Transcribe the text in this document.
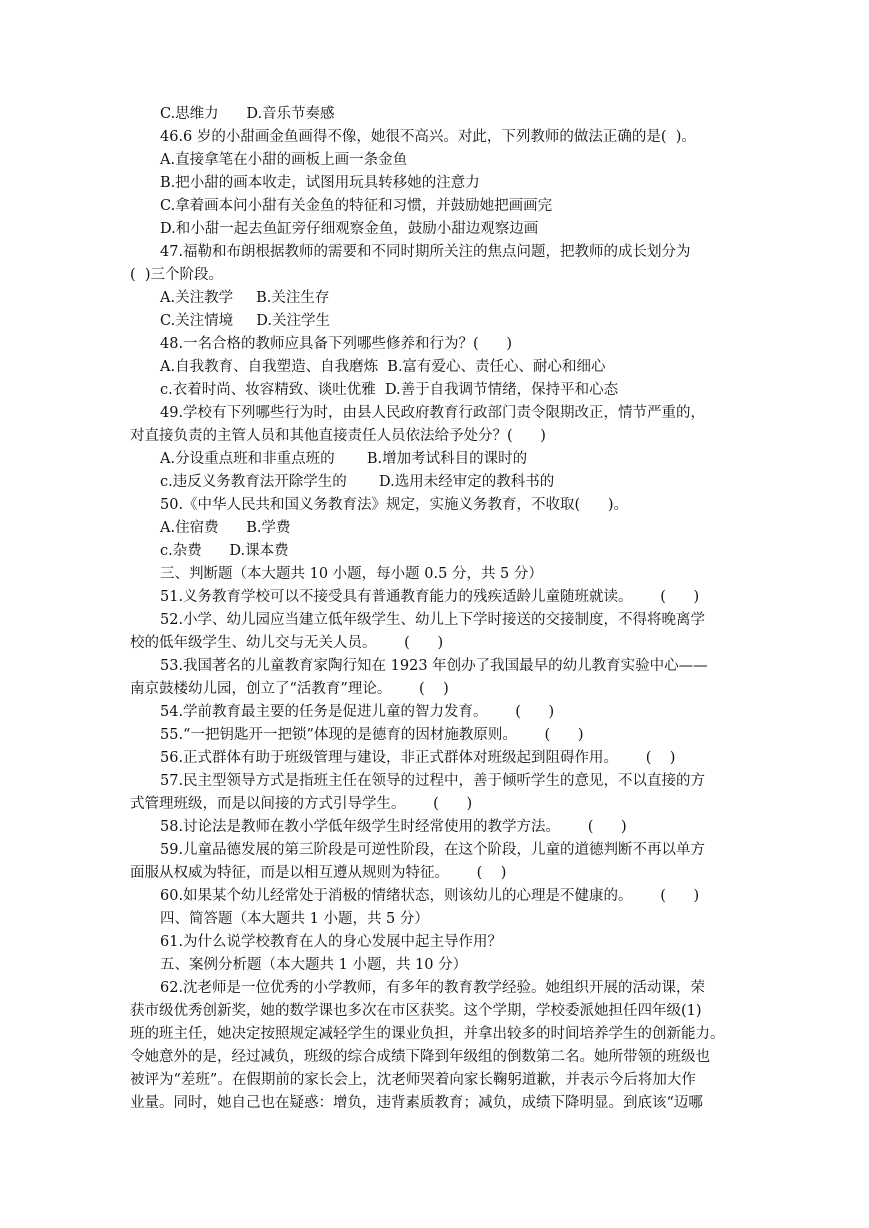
C.思维力      D.音乐节奏感
46.6 岁的小甜画金鱼画得不像，她很不高兴。对此，下列教师的做法正确的是(  )。
A.直接拿笔在小甜的画板上画一条金鱼
B.把小甜的画本收走，试图用玩具转移她的注意力
C.拿着画本问小甜有关金鱼的特征和习惯，并鼓励她把画画完
D.和小甜一起去鱼缸旁仔细观察金鱼，鼓励小甜边观察边画
47.福勒和布朗根据教师的需要和不同时期所关注的焦点问题，把教师的成长划分为
(  )三个阶段。
A.关注教学     B.关注生存
C.关注情境     D.关注学生
48.一名合格的教师应具备下列哪些修养和行为？(      )
A.自我教育、自我塑造、自我磨炼  B.富有爱心、责任心、耐心和细心
c.衣着时尚、妆容精致、谈吐优雅  D.善于自我调节情绪，保持平和心态
49.学校有下列哪些行为时，由县人民政府教育行政部门责令限期改正，情节严重的，
对直接负责的主管人员和其他直接责任人员依法给予处分？(      )
A.分设重点班和非重点班的       B.增加考试科目的课时的
c.违反义务教育法开除学生的       D.选用未经审定的教科书的
50.《中华人民共和国义务教育法》规定，实施义务教育，不收取(      )。
A.住宿费      B.学费
c.杂费      D.课本费
三、判断题（本大题共 10 小题，每小题 0.5 分，共 5 分）
51.义务教育学校可以不接受具有普通教育能力的残疾适龄儿童随班就读。      (      )
52.小学、幼儿园应当建立低年级学生、幼儿上下学时接送的交接制度，不得将晚离学
校的低年级学生、幼儿交与无关人员。      (      )
53.我国著名的儿童教育家陶行知在 1923 年创办了我国最早的幼儿教育实验中心——
南京鼓楼幼儿园，创立了“活教育”理论。      (    )
54.学前教育最主要的任务是促进儿童的智力发育。      (      )
55.“一把钥匙开一把锁”体现的是德育的因材施教原则。      (      )
56.正式群体有助于班级管理与建设，非正式群体对班级起到阻碍作用。      (    )
57.民主型领导方式是指班主任在领导的过程中，善于倾听学生的意见，不以直接的方
式管理班级，而是以间接的方式引导学生。      (      )
58.讨论法是教师在教小学低年级学生时经常使用的教学方法。      (      )
59.儿童品德发展的第三阶段是可逆性阶段，在这个阶段，儿童的道德判断不再以单方
面服从权威为特征，而是以相互遵从规则为特征。      (    )
60.如果某个幼儿经常处于消极的情绪状态，则该幼儿的心理是不健康的。      (      )
四、简答题（本大题共 1 小题，共 5 分）
61.为什么说学校教育在人的身心发展中起主导作用？
五、案例分析题（本大题共 1 小题，共 10 分）
62.沈老师是一位优秀的小学教师，有多年的教育教学经验。她组织开展的活动课，荣
获市级优秀创新奖，她的数学课也多次在市区获奖。这个学期，学校委派她担任四年级(1)
班的班主任，她决定按照规定减轻学生的课业负担，并拿出较多的时间培养学生的创新能力。
令她意外的是，经过减负，班级的综合成绩下降到年级组的倒数第二名。她所带领的班级也
被评为“差班”。在假期前的家长会上，沈老师哭着向家长鞠躬道歉，并表示今后将加大作
业量。同时，她自己也在疑惑：增负，违背素质教育；减负，成绩下降明显。到底该“迈哪
